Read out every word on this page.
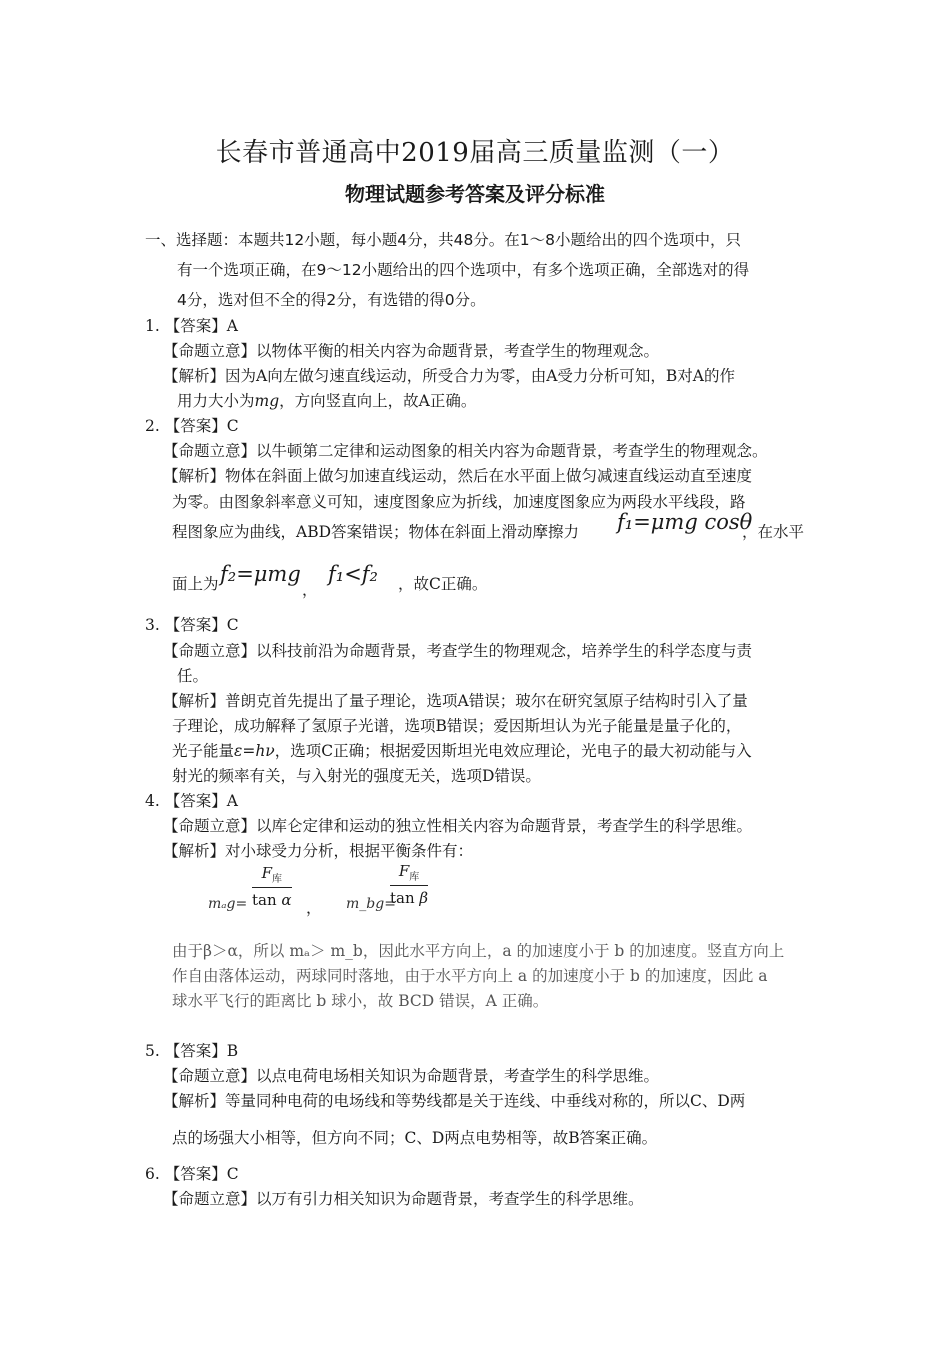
长春市普通高中2019届高三质量监测（一）
物理试题参考答案及评分标准
一、选择题：本题共12小题，每小题4分，共48分。在1～8小题给出的四个选项中，只
有一个选项正确，在9～12小题给出的四个选项中，有多个选项正确，全部选对的得
4分，选对但不全的得2分，有选错的得0分。
1. 【答案】A
【命题立意】以物体平衡的相关内容为命题背景，考查学生的物理观念。
【解析】因为A向左做匀速直线运动，所受合力为零，由A受力分析可知，B对A的作
用力大小为mg，方向竖直向上，故A正确。
2. 【答案】C
【命题立意】以牛顿第二定律和运动图象的相关内容为命题背景，考查学生的物理观念。
【解析】物体在斜面上做匀加速直线运动，然后在水平面上做匀减速直线运动直至速度
为零。由图象斜率意义可知，速度图象应为折线，加速度图象应为两段水平线段，路
程图象应为曲线，ABD答案错误；物体在斜面上滑动摩擦力 f₁=μmg cosθ
，在水平
面上为 f₂=μmg
，
f₁<f₂ ，故C正确。
3. 【答案】C
【命题立意】以科技前沿为命题背景，考查学生的物理观念，培养学生的科学态度与责
任。
【解析】普朗克首先提出了量子理论，选项A错误；玻尔在研究氢原子结构时引入了量
子理论，成功解释了氢原子光谱，选项B错误；爱因斯坦认为光子能量是量子化的，
光子能量ε=hν，选项C正确；根据爱因斯坦光电效应理论，光电子的最大初动能与入
射光的频率有关，与入射光的强度无关，选项D错误。
4. 【答案】A
【命题立意】以库仑定律和运动的独立性相关内容为命题背景，考查学生的科学思维。
【解析】对小球受力分析，根据平衡条件有：
mₐg=
$F_库$
tan α ， m_bg=
$F_库$
tan β
由于β＞α，所以 mₐ＞ m_b，因此水平方向上，a 的加速度小于 b 的加速度。竖直方向上
作自由落体运动，两球同时落地，由于水平方向上 a 的加速度小于 b 的加速度，因此 a
球水平飞行的距离比 b 球小，故 BCD 错误，A 正确。
5. 【答案】B
【命题立意】以点电荷电场相关知识为命题背景，考查学生的科学思维。
【解析】等量同种电荷的电场线和等势线都是关于连线、中垂线对称的，所以C、D两
点的场强大小相等，但方向不同；C、D两点电势相等，故B答案正确。
6. 【答案】C
【命题立意】以万有引力相关知识为命题背景，考查学生的科学思维。
